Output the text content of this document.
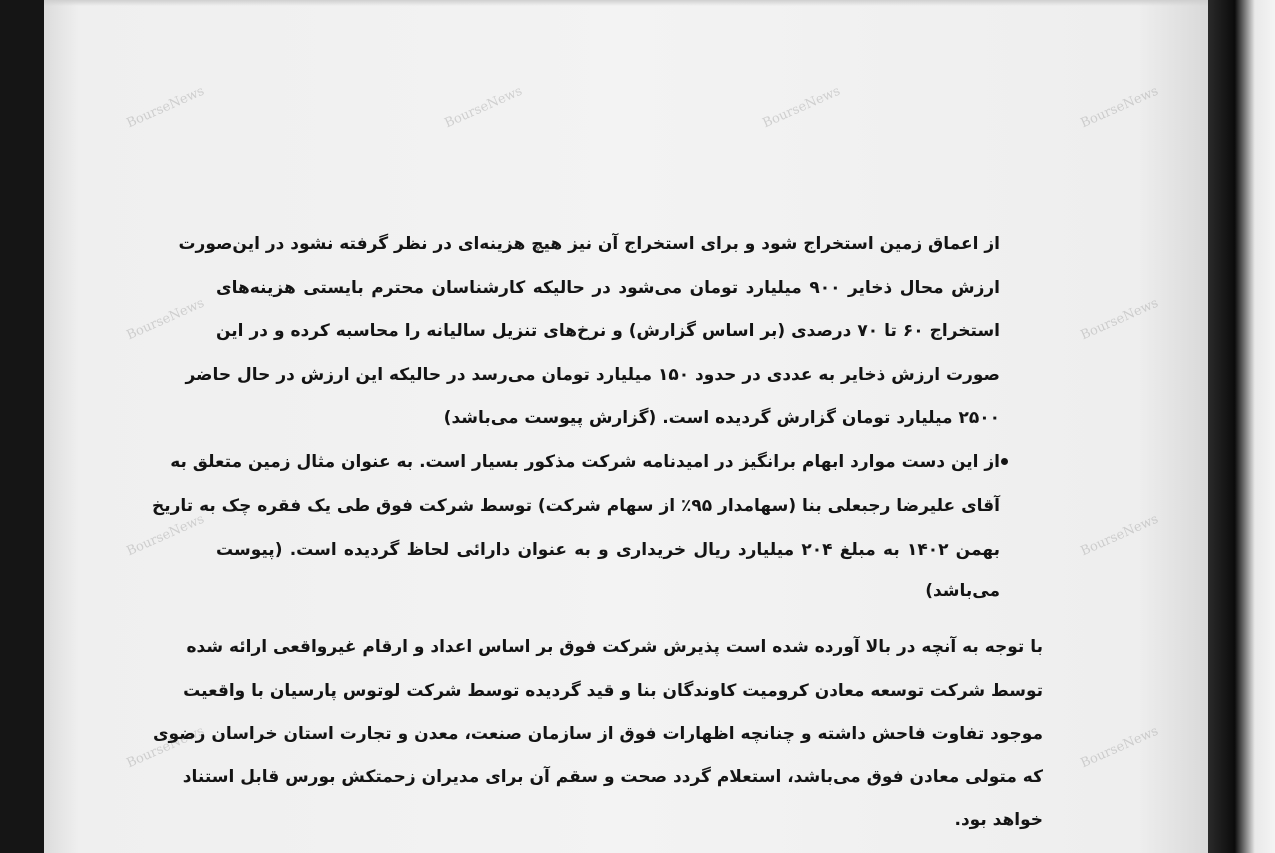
BourseNews	BourseNews	BourseNews	BourseNews
BourseNews	BourseNews
BourseNews	BourseNews
BourseNews	BourseNews
از اعماق زمین استخراج شود و برای استخراج آن نیز هیچ هزینه‌ای در نظر گرفته نشود در این‌صورت
ارزش محال ذخایر ۹۰۰ میلیارد تومان می‌شود در حالیکه کارشناسان محترم بایستی هزینه‌های
استخراج ۶۰ تا ۷۰ درصدی (بر اساس گزارش) و نرخ‌های تنزیل سالیانه را محاسبه کرده و در این
صورت ارزش ذخایر به عددی در حدود ۱۵۰ میلیارد تومان می‌رسد در حالیکه این ارزش در حال حاضر
۲۵۰۰ میلیارد تومان گزارش گردیده است. (گزارش پیوست می‌باشد)
از این دست موارد ابهام برانگیز در امیدنامه شرکت مذکور بسیار است. به عنوان مثال زمین متعلق به
آقای علیرضا رجبعلی بنا (سهامدار ۹۵٪ از سهام شرکت) توسط شرکت فوق طی یک فقره چک به تاریخ
بهمن ۱۴۰۲ به مبلغ ۲۰۴ میلیارد ریال خریداری و به عنوان دارائی لحاظ گردیده است. (پیوست
می‌باشد)
با توجه به آنچه در بالا آورده شده است پذیرش شرکت فوق بر اساس اعداد و ارقام غیرواقعی ارائه شده
توسط شرکت توسعه معادن کرومیت کاوندگان بنا و قید گردیده توسط شرکت لوتوس پارسیان با واقعیت
موجود تفاوت فاحش داشته و چنانچه اظهارات فوق از سازمان صنعت، معدن و تجارت استان خراسان رضوی
که متولی معادن فوق می‌باشد، استعلام گردد صحت و سقم آن برای مدیران زحمتکش بورس قابل استناد
خواهد بود.
